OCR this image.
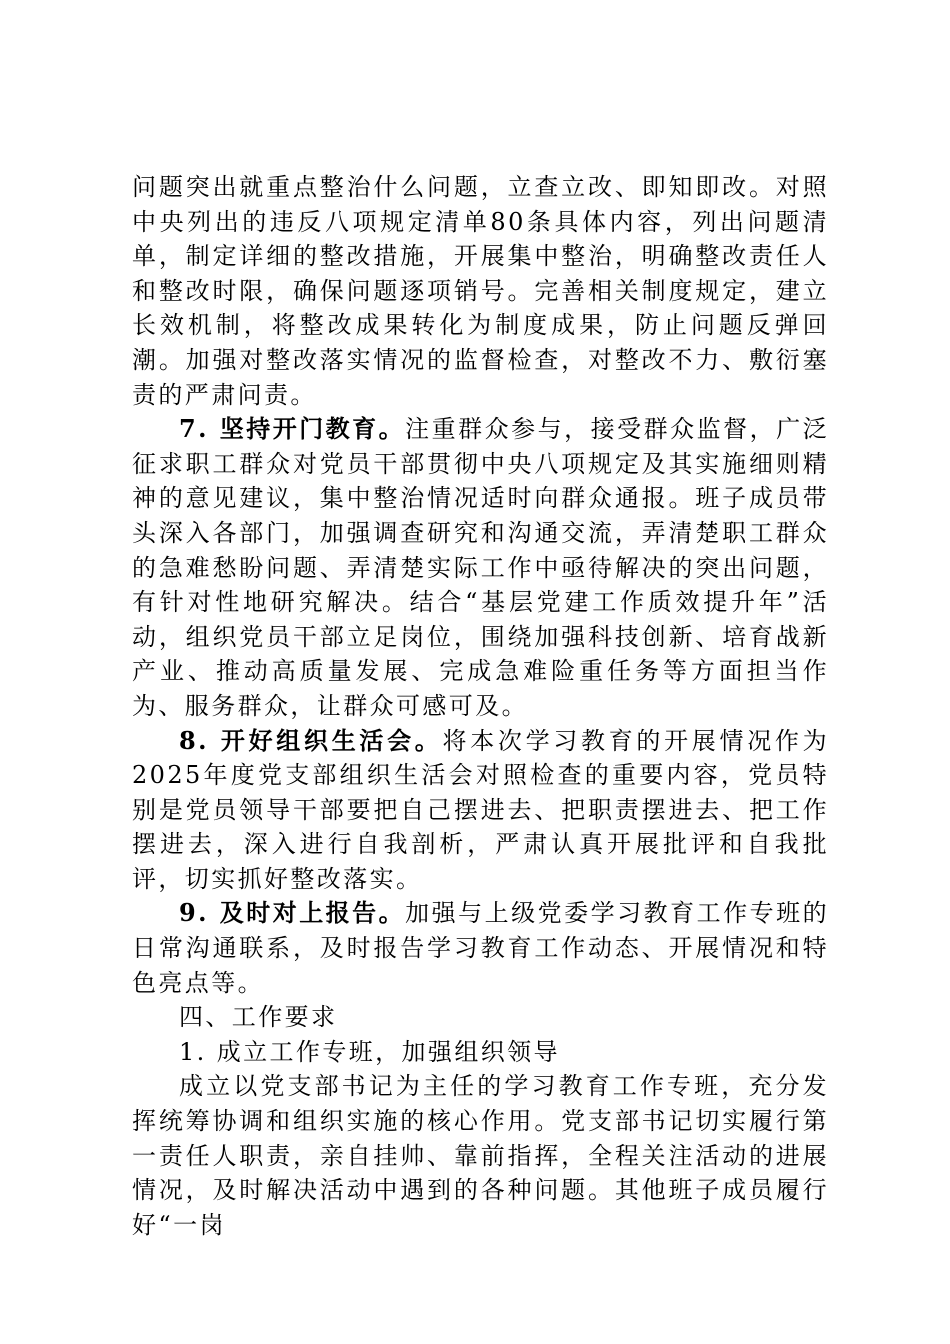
问题突出就重点整治什么问题，立查立改、即知即改。对照中央列出的违反八项规定清单80条具体内容，列出问题清单，制定详细的整改措施，开展集中整治，明确整改责任人和整改时限，确保问题逐项销号。完善相关制度规定，建立长效机制，将整改成果转化为制度成果，防止问题反弹回潮。加强对整改落实情况的监督检查，对整改不力、敷衍塞责的严肃问责。

7. 坚持开门教育。注重群众参与，接受群众监督，广泛征求职工群众对党员干部贯彻中央八项规定及其实施细则精神的意见建议，集中整治情况适时向群众通报。班子成员带头深入各部门，加强调查研究和沟通交流，弄清楚职工群众的急难愁盼问题、弄清楚实际工作中亟待解决的突出问题，有针对性地研究解决。结合“基层党建工作质效提升年”活动，组织党员干部立足岗位，围绕加强科技创新、培育战新产业、推动高质量发展、完成急难险重任务等方面担当作为、服务群众，让群众可感可及。

8. 开好组织生活会。将本次学习教育的开展情况作为2025年度党支部组织生活会对照检查的重要内容，党员特别是党员领导干部要把自己摆进去、把职责摆进去、把工作摆进去，深入进行自我剖析，严肃认真开展批评和自我批评，切实抓好整改落实。

9. 及时对上报告。加强与上级党委学习教育工作专班的日常沟通联系，及时报告学习教育工作动态、开展情况和特色亮点等。

四、工作要求

1. 成立工作专班，加强组织领导

成立以党支部书记为主任的学习教育工作专班，充分发挥统筹协调和组织实施的核心作用。党支部书记切实履行第一责任人职责，亲自挂帅、靠前指挥，全程关注活动的进展情况，及时解决活动中遇到的各种问题。其他班子成员履行好“一岗
